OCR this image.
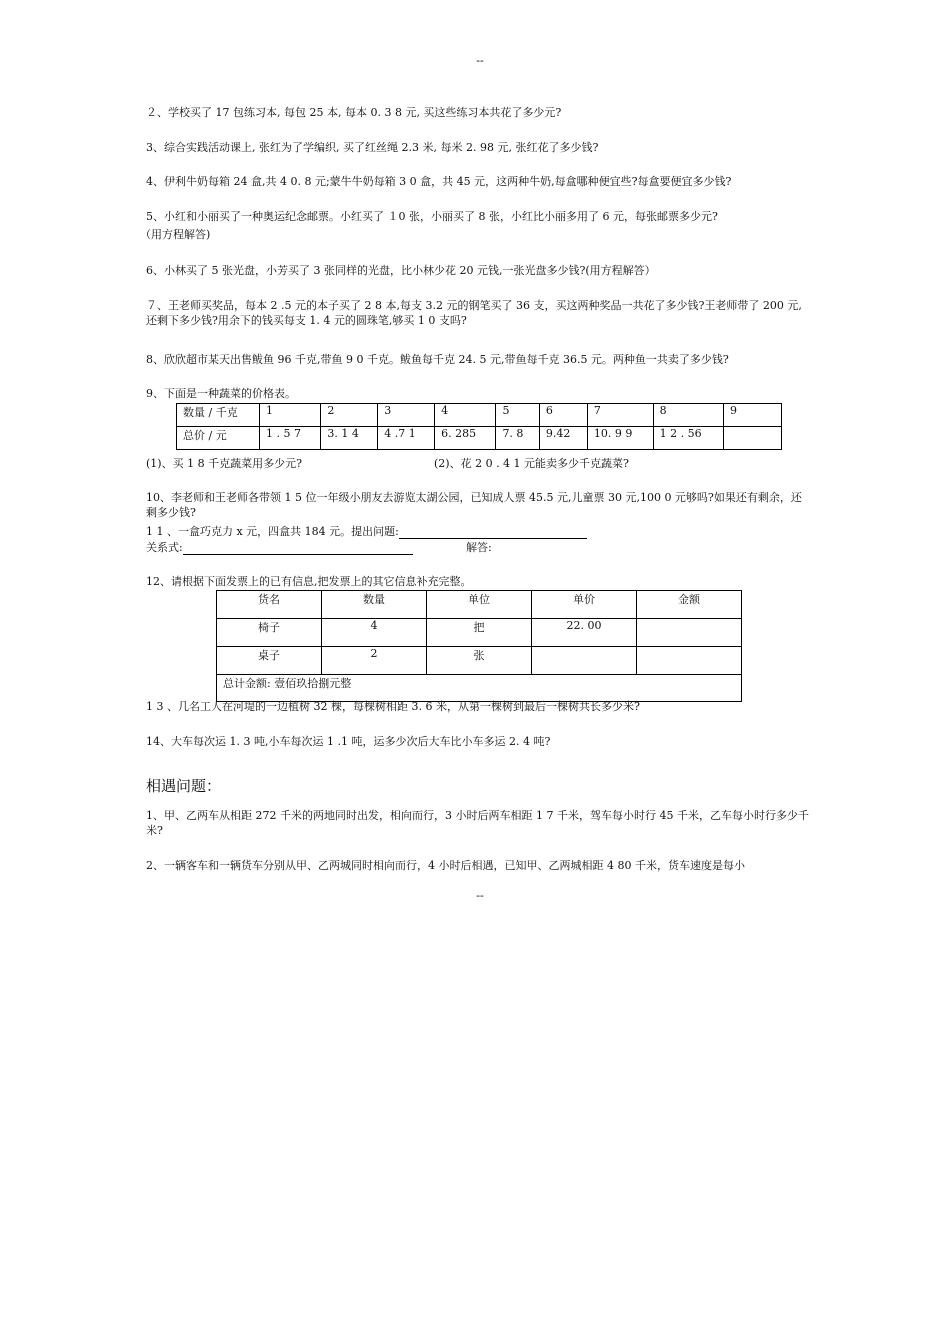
--
２、学校买了 17 包练习本, 每包 25 本, 每本 0. 3 8 元, 买这些练习本共花了多少元?
3、综合实践活动课上, 张红为了学编织, 买了红丝绳 2.3 米, 每米 2. 98 元, 张红花了多少钱?
4、伊利牛奶每箱 24 盒,共 4 0. 8 元;蒙牛牛奶每箱 3 0 盒，共 45 元，这两种牛奶,每盒哪种便宜些?每盒要便宜多少钱?
5、小红和小丽买了一种奥运纪念邮票。小红买了 １0 张，小丽买了 8 张，小红比小丽多用了 6 元，每张邮票多少元?
（用方程解答)
6、小林买了 5 张光盘，小芳买了 3 张同样的光盘，比小林少花 20 元钱,一张光盘多少钱?(用方程解答）
７、王老师买奖品，每本 2 .5 元的本子买了 2 8 本,每支 3.2 元的钢笔买了 36 支，买这两种奖品一共花了多少钱?王老师带了 200 元,还剩下多少钱?用余下的钱买每支 1. 4 元的圆珠笔,够买 1 0 支吗?
8、欣欣超市某天出售鲅鱼 96 千克,带鱼 9 0 千克。鲅鱼每千克 24. 5 元,带鱼每千克 36.5 元。两种鱼一共卖了多少钱?
9、下面是一种蔬菜的价格表。
数量 / 千克	1	2	3	4	5	6	7	8	9
总价 / 元	1 . 5 7	3. 1 4	4 .7 1	6. 285	7. 8	9.42	10. 9 9	1 2 . 56	
(1)、买 1 8 千克蔬菜用多少元?	(2)、花 2 0 . 4 1 元能卖多少千克蔬菜?
10、李老师和王老师各带领 1 5 位一年级小朋友去游览太湖公园，已知成人票 45.5 元,儿童票 30 元,100 0 元够吗?如果还有剩余，还剩多少钱?
1 1 、一盒巧克力 x 元，四盒共 184 元。提出问题:
关系式:	解答:
12、请根据下面发票上的已有信息,把发票上的其它信息补充完整。
货名	数量	单位	单价	金额
椅子	4	把	22. 00	
桌子	2	张		
总计金额: 壹佰玖拾捌元整				
1 3 、几名工人在河堤的一边植树 32 棵，每棵树相距 3. 6 米，从第一棵树到最后一棵树共长多少米?
14、大车每次运 1. 3 吨,小车每次运 1 .1 吨，运多少次后大车比小车多运 2. 4 吨?
相遇问题：
1、甲、乙两车从相距 272 千米的两地同时出发，相向而行，3 小时后两车相距 1 7 千米，驾车每小时行 45 千米，乙车每小时行多少千米?
2、一辆客车和一辆货车分别从甲、乙两城同时相向而行，4 小时后相遇，已知甲、乙两城相距 4 80 千米，货车速度是每小
--
